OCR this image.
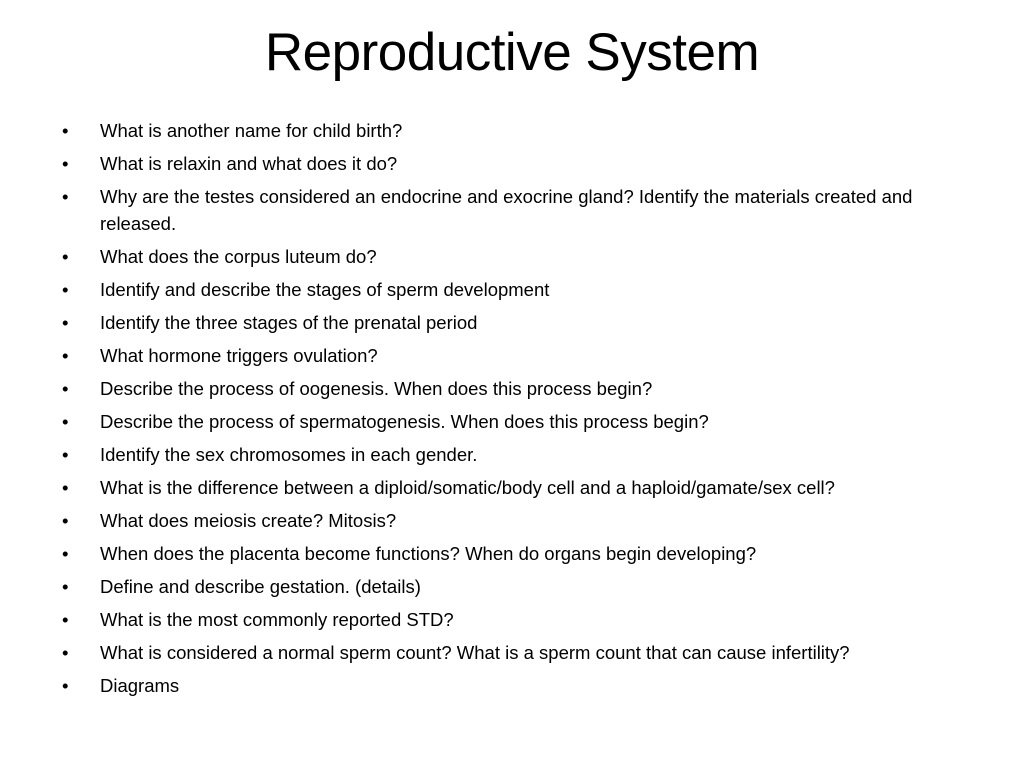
Reproductive System
•	What is another name for child birth?
•	What is relaxin and what does it do?
•	Why are the testes considered an endocrine and exocrine gland? Identify the materials created and released.
•	What does the corpus luteum do?
•	Identify and describe the stages of sperm development
•	Identify the three stages of the prenatal period
•	What hormone triggers ovulation?
•	Describe the process of oogenesis. When does this process begin?
•	Describe the process of spermatogenesis. When does this process begin?
•	Identify the sex chromosomes in each gender.
•	What is the difference between a diploid/somatic/body cell and a haploid/gamate/sex cell?
•	What does meiosis create? Mitosis?
•	When does the placenta become functions? When do organs begin developing?
•	Define and describe gestation. (details)
•	What is the most commonly reported STD?
•	What is considered a normal sperm count? What is a sperm count that can cause infertility?
•	Diagrams
